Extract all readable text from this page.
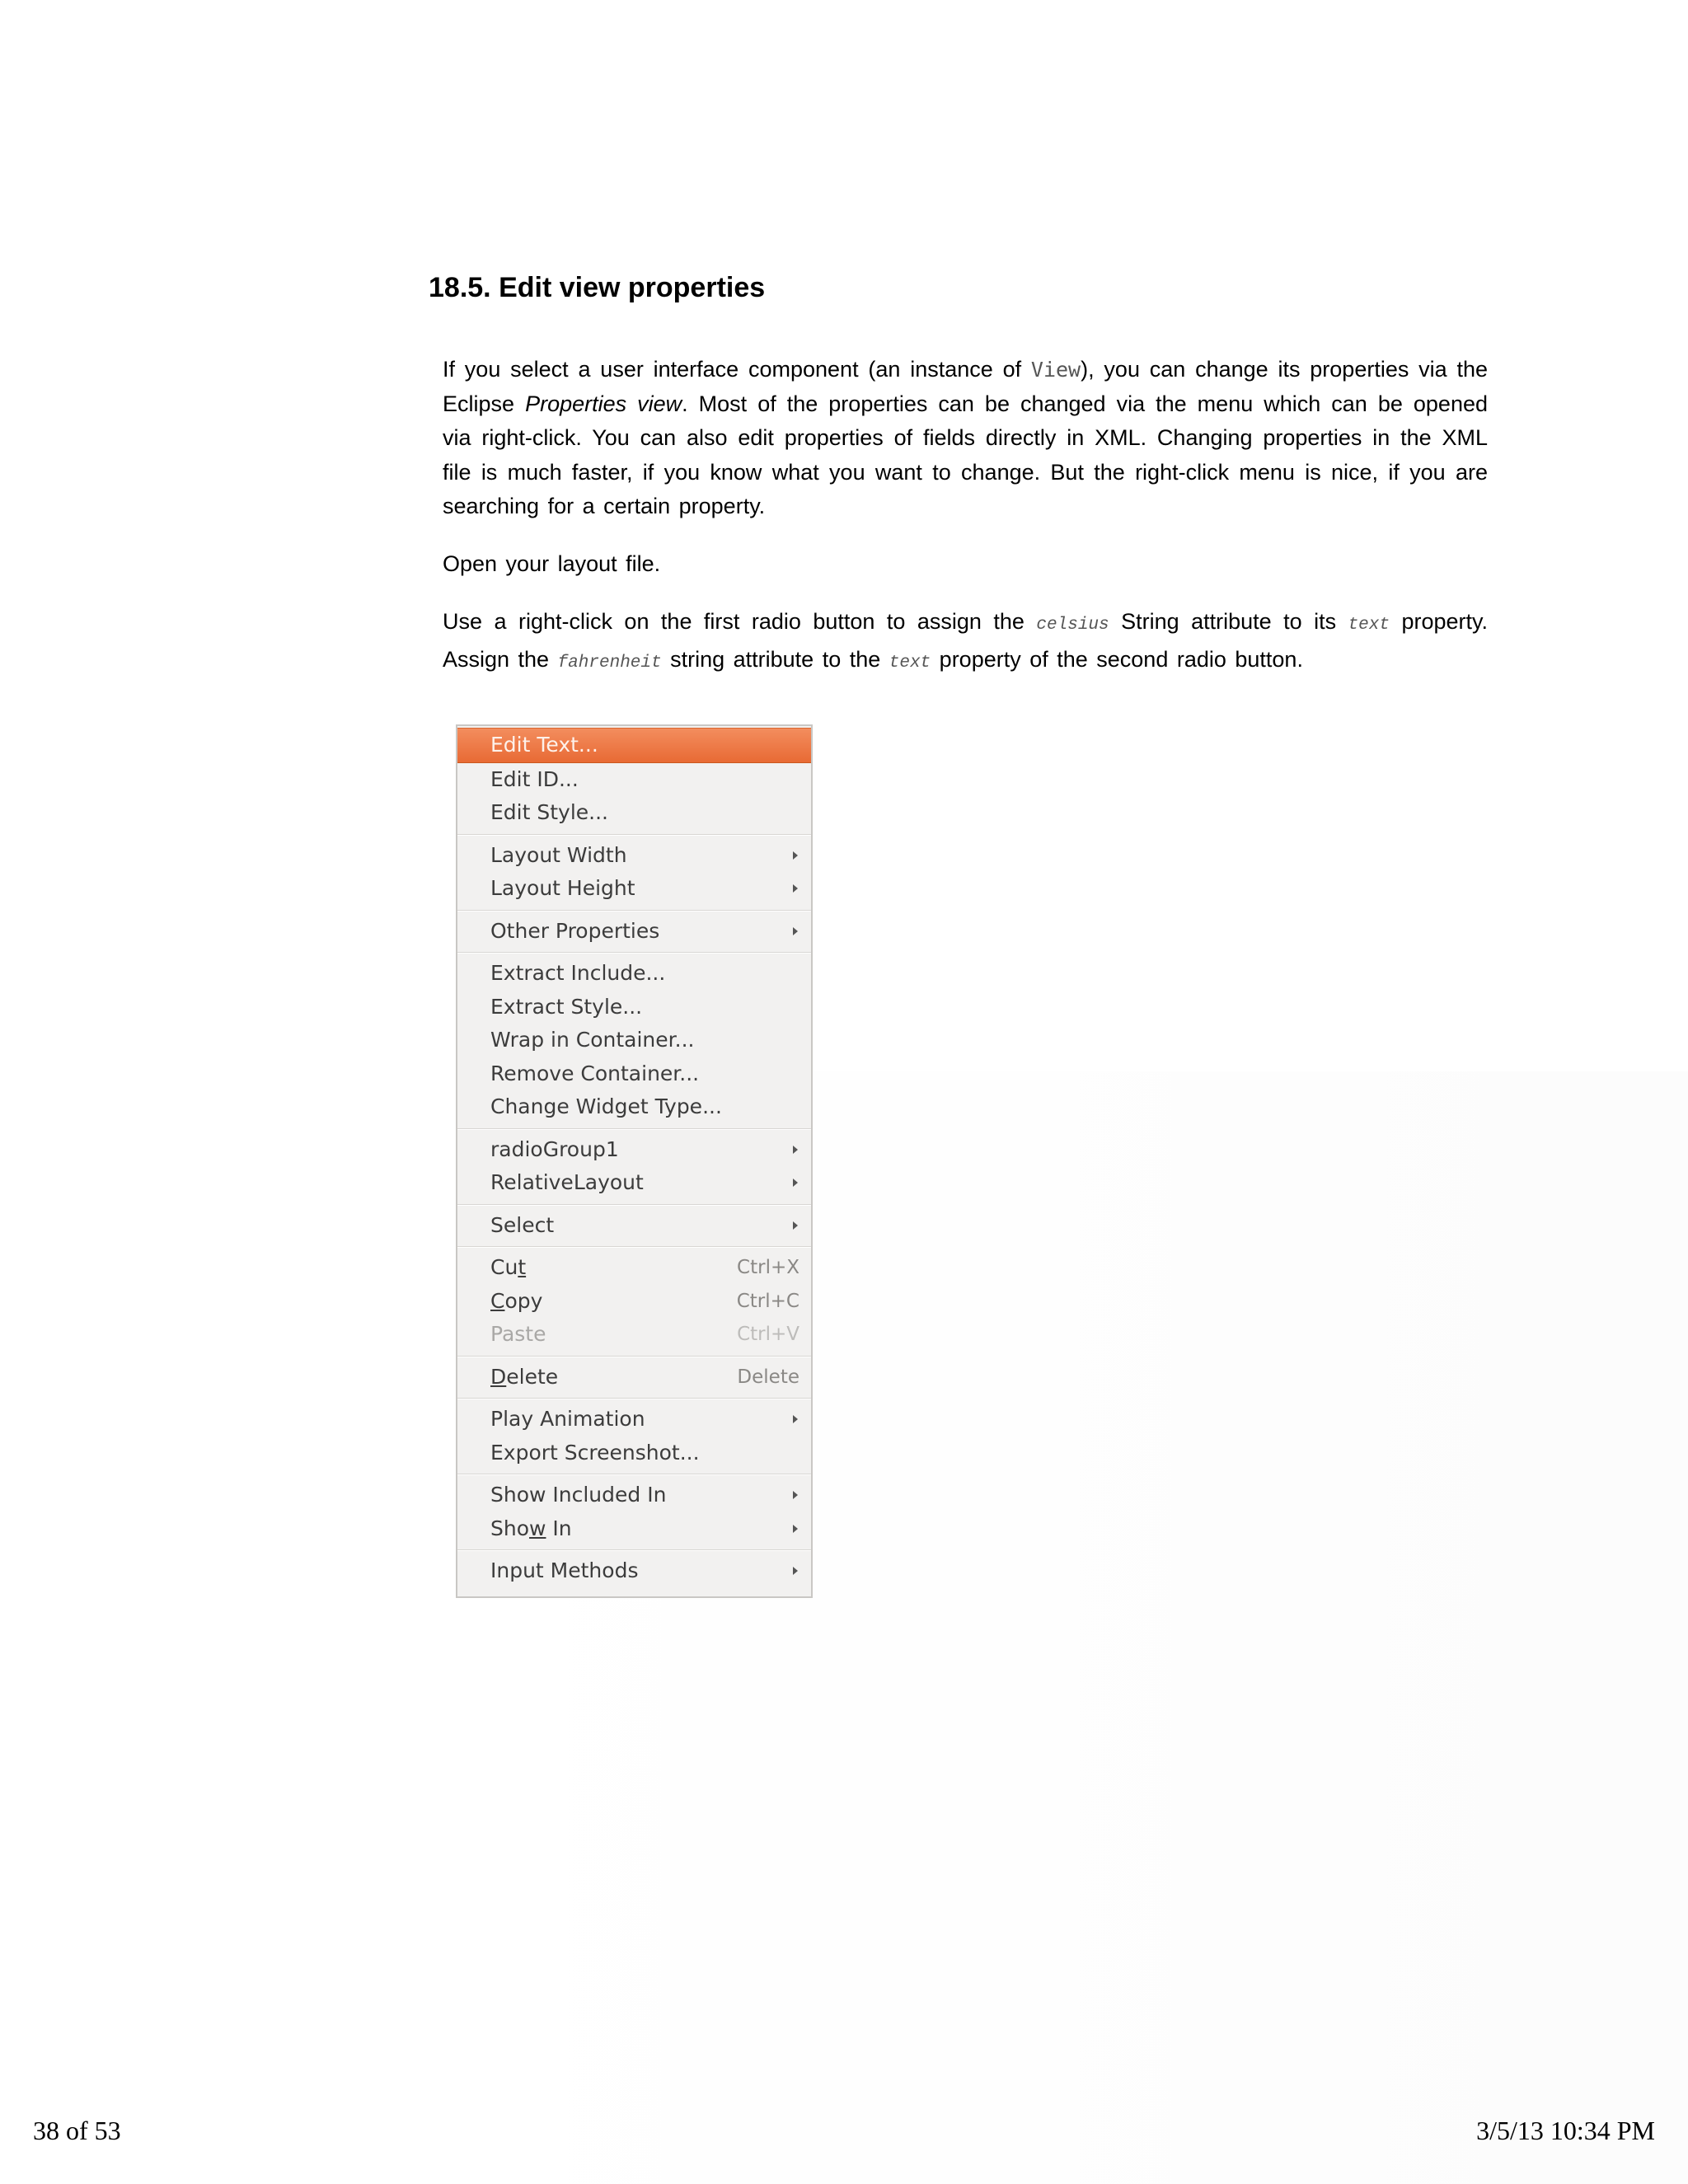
18.5. Edit view properties

If you select a user interface component (an instance of View), you can change its properties via the Eclipse Properties view. Most of the properties can be changed via the menu which can be opened via right-click. You can also edit properties of fields directly in XML. Changing properties in the XML file is much faster, if you know what you want to change. But the right-click menu is nice, if you are searching for a certain property.

Open your layout file.

Use a right-click on the first radio button to assign the celsius String attribute to its text property. Assign the fahrenheit string attribute to the text property of the second radio button.

Edit Text...
Edit ID...
Edit Style...
Layout Width
Layout Height
Other Properties
Extract Include...
Extract Style...
Wrap in Container...
Remove Container...
Change Widget Type...
radioGroup1
RelativeLayout
Select
Cut	Ctrl+X
Copy	Ctrl+C
Paste	Ctrl+V
Delete	Delete
Play Animation
Export Screenshot...
Show Included In
Show In
Input Methods
38 of 53	3/5/13 10:34 PM
